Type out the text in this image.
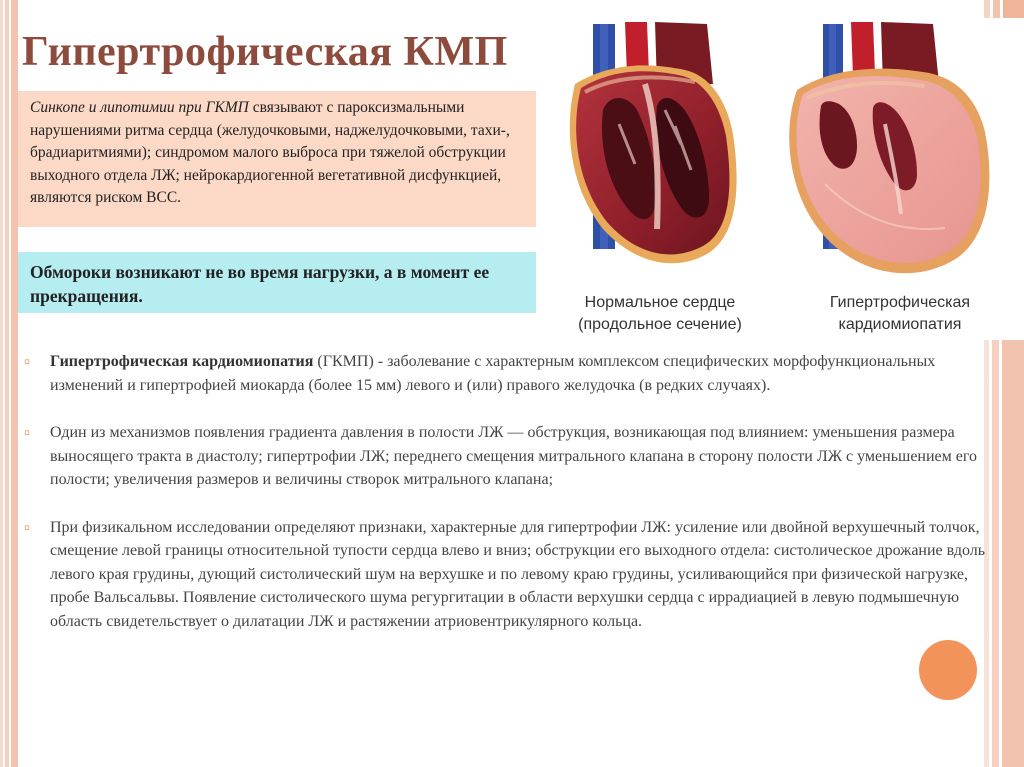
Гипертрофическая КМП
Синкопе и липотимии при ГКМП связывают с пароксизмальными нарушениями ритма сердца (желудочковыми, наджелудочковыми, тахи-, брадиаритмиями); синдромом малого выброса при тяжелой обструкции выходного отдела ЛЖ; нейрокардиогенной вегетативной дисфункцией, являются риском ВСС.
Обмороки возникают не во время нагрузки, а в момент ее прекращения.	Нормальное сердце (продольное сечение)
Гипертрофическая кардиомиопатия
▫ Гипертрофическая кардиомиопатия (ГКМП) - заболевание с характерным комплексом специфических морфофункциональных изменений и гипертрофией миокарда (более 15 мм) левого и (или) правого желудочка (в редких случаях).
▫ Один из механизмов появления градиента давления в полости ЛЖ — обструкция, возникающая под влиянием: уменьшения размера выносящего тракта в диастолу; гипертрофии ЛЖ; переднего смещения митрального клапана в сторону полости ЛЖ с уменьшением его полости; увеличения размеров и величины створок митрального клапана;
▫ При физикальном исследовании определяют признаки, характерные для гипертрофии ЛЖ: усиление или двойной верхушечный толчок, смещение левой границы относительной тупости сердца влево и вниз; обструкции его выходного отдела: систолическое дрожание вдоль левого края грудины, дующий систолический шум на верхушке и по левому краю грудины, усиливающийся при физической нагрузке, пробе Вальсальвы. Появление систолического шума регургитации в области верхушки сердца с иррадиацией в левую подмышечную область свидетельствует о дилатации ЛЖ и растяжении атриовентрикулярного кольца.
